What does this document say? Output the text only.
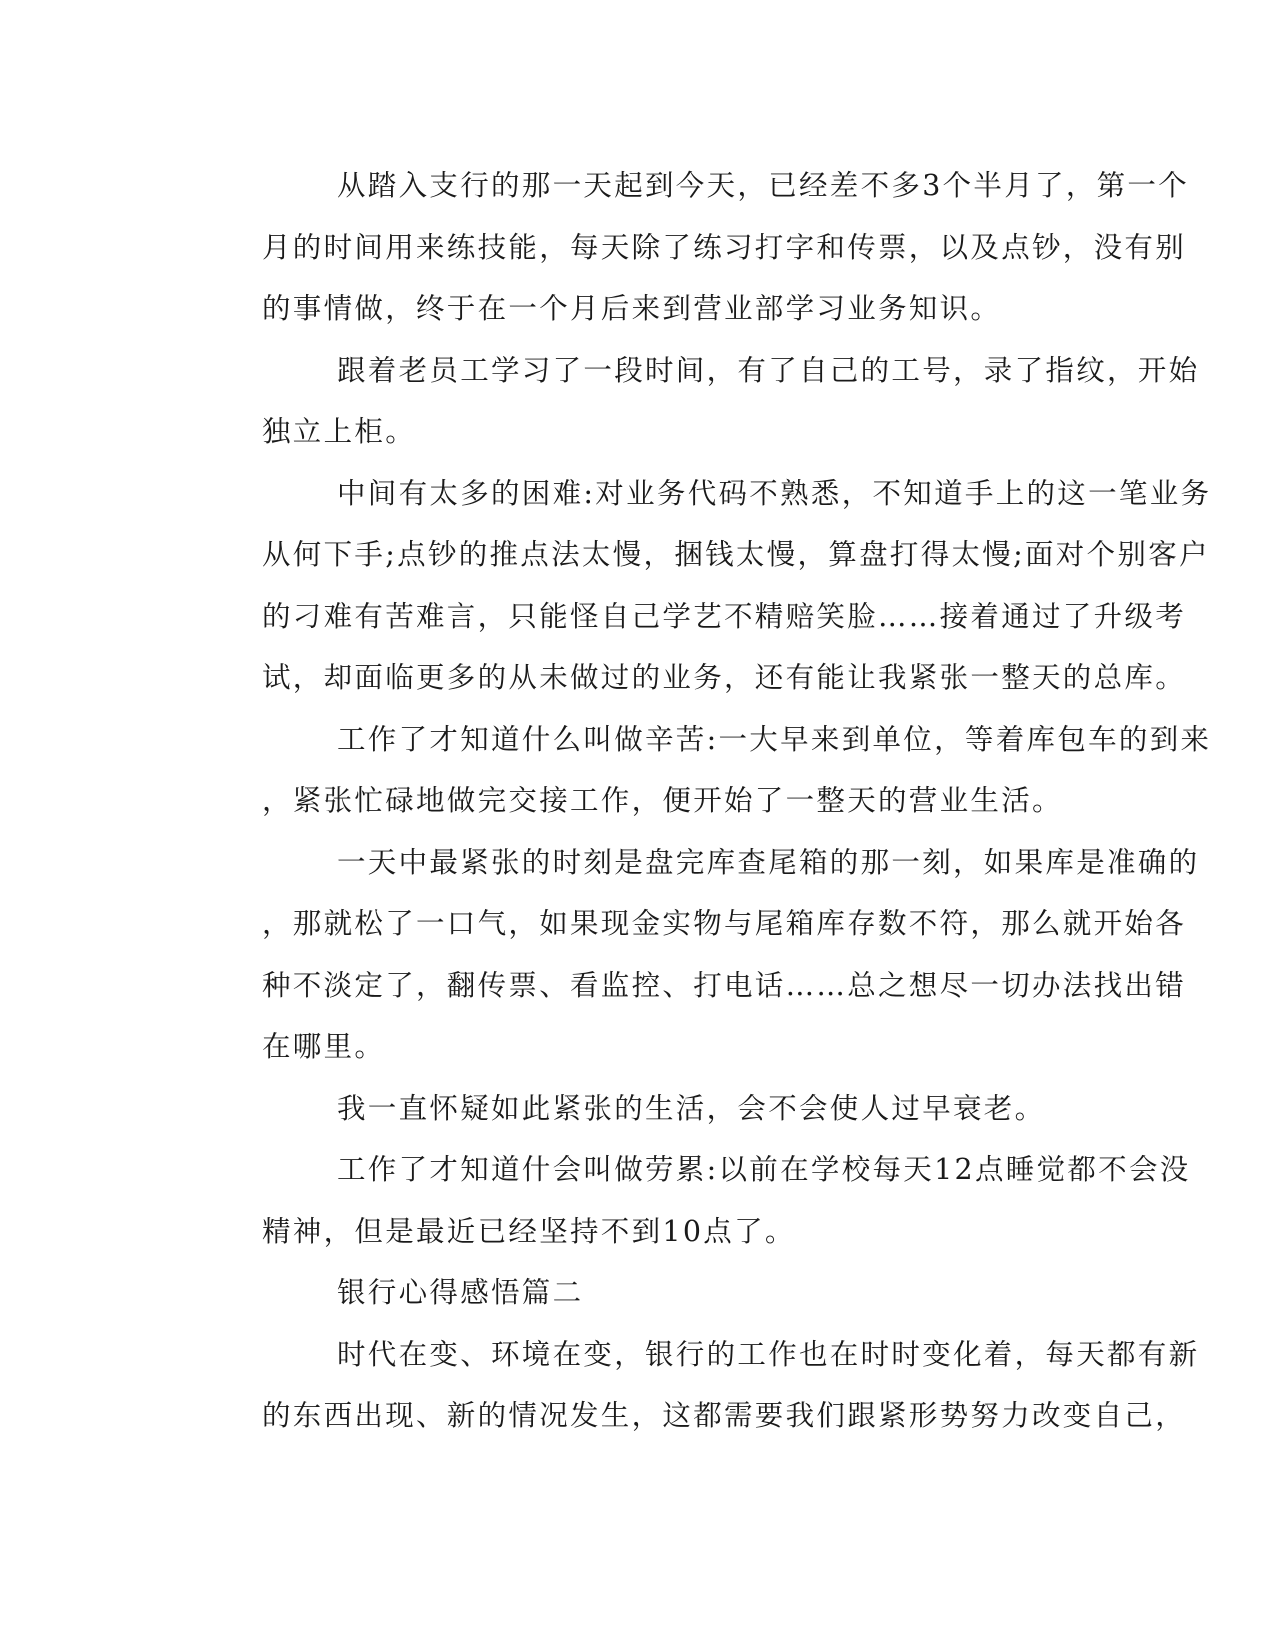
从踏入支行的那一天起到今天，已经差不多3个半月了，第一个
月的时间用来练技能，每天除了练习打字和传票，以及点钞，没有别
的事情做，终于在一个月后来到营业部学习业务知识。
跟着老员工学习了一段时间，有了自己的工号，录了指纹，开始
独立上柜。
中间有太多的困难:对业务代码不熟悉，不知道手上的这一笔业务
从何下手;点钞的推点法太慢，捆钱太慢，算盘打得太慢;面对个别客户
的刁难有苦难言，只能怪自己学艺不精赔笑脸……接着通过了升级考
试，却面临更多的从未做过的业务，还有能让我紧张一整天的总库。
工作了才知道什么叫做辛苦:一大早来到单位，等着库包车的到来
，紧张忙碌地做完交接工作，便开始了一整天的营业生活。
一天中最紧张的时刻是盘完库查尾箱的那一刻，如果库是准确的
，那就松了一口气，如果现金实物与尾箱库存数不符，那么就开始各
种不淡定了，翻传票、看监控、打电话……总之想尽一切办法找出错
在哪里。
我一直怀疑如此紧张的生活，会不会使人过早衰老。
工作了才知道什会叫做劳累:以前在学校每天12点睡觉都不会没
精神，但是最近已经坚持不到10点了。
银行心得感悟篇二
时代在变、环境在变，银行的工作也在时时变化着，每天都有新
的东西出现、新的情况发生，这都需要我们跟紧形势努力改变自己，
